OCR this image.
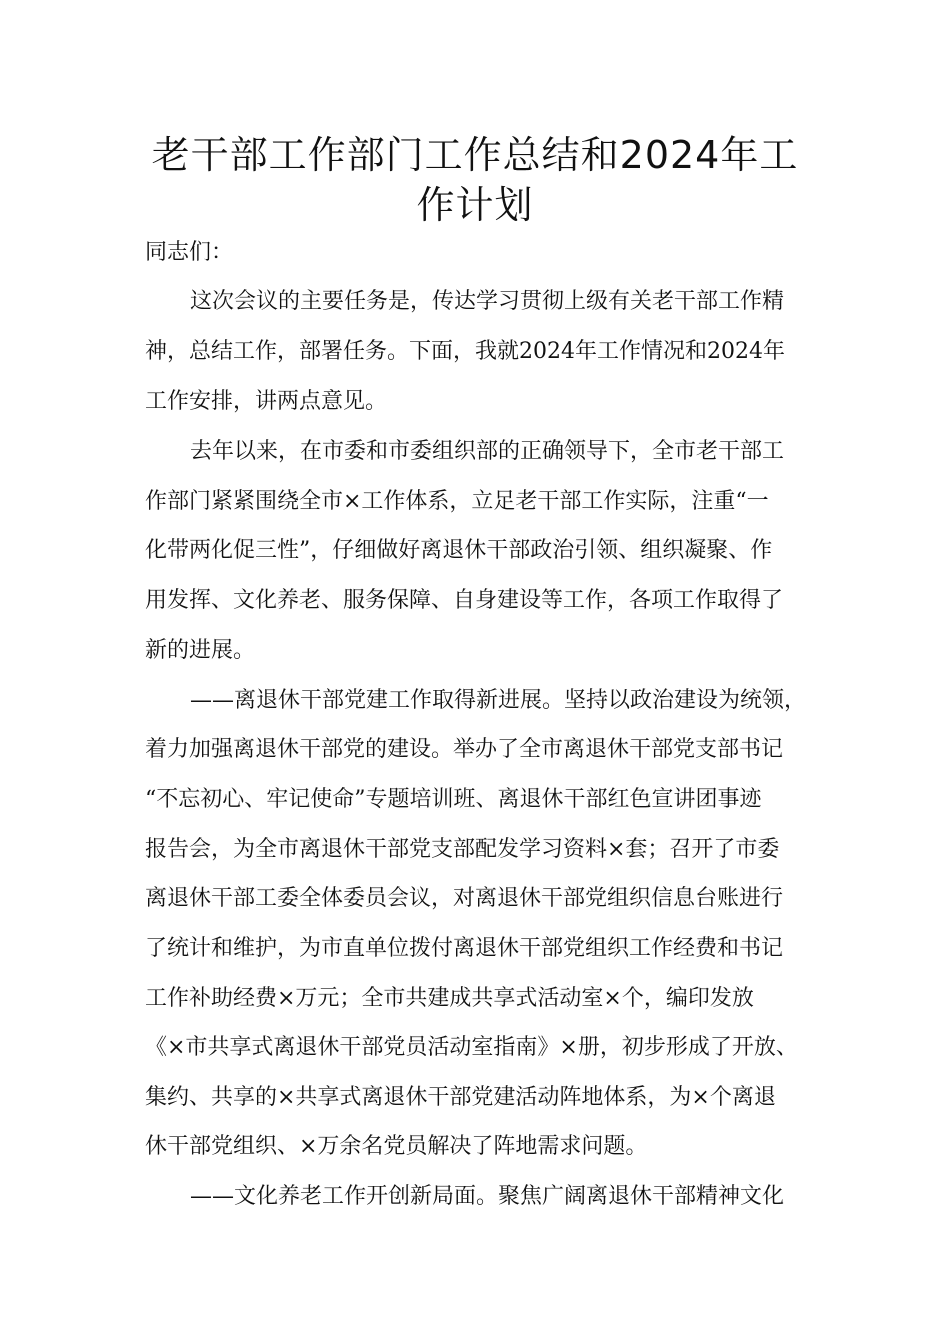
老干部工作部门工作总结和2024年工
作计划
同志们：
这次会议的主要任务是，传达学习贯彻上级有关老干部工作精
神，总结工作，部署任务。下面，我就2024年工作情况和2024年
工作安排，讲两点意见。
去年以来，在市委和市委组织部的正确领导下，全市老干部工
作部门紧紧围绕全市×工作体系，立足老干部工作实际，注重“一
化带两化促三性”，仔细做好离退休干部政治引领、组织凝聚、作
用发挥、文化养老、服务保障、自身建设等工作，各项工作取得了
新的进展。
——离退休干部党建工作取得新进展。坚持以政治建设为统领，
着力加强离退休干部党的建设。举办了全市离退休干部党支部书记
“不忘初心、牢记使命”专题培训班、离退休干部红色宣讲团事迹
报告会，为全市离退休干部党支部配发学习资料×套；召开了市委
离退休干部工委全体委员会议，对离退休干部党组织信息台账进行
了统计和维护，为市直单位拨付离退休干部党组织工作经费和书记
工作补助经费×万元；全市共建成共享式活动室×个，编印发放
《×市共享式离退休干部党员活动室指南》×册，初步形成了开放、
集约、共享的×共享式离退休干部党建活动阵地体系，为×个离退
休干部党组织、×万余名党员解决了阵地需求问题。
——文化养老工作开创新局面。聚焦广阔离退休干部精神文化
